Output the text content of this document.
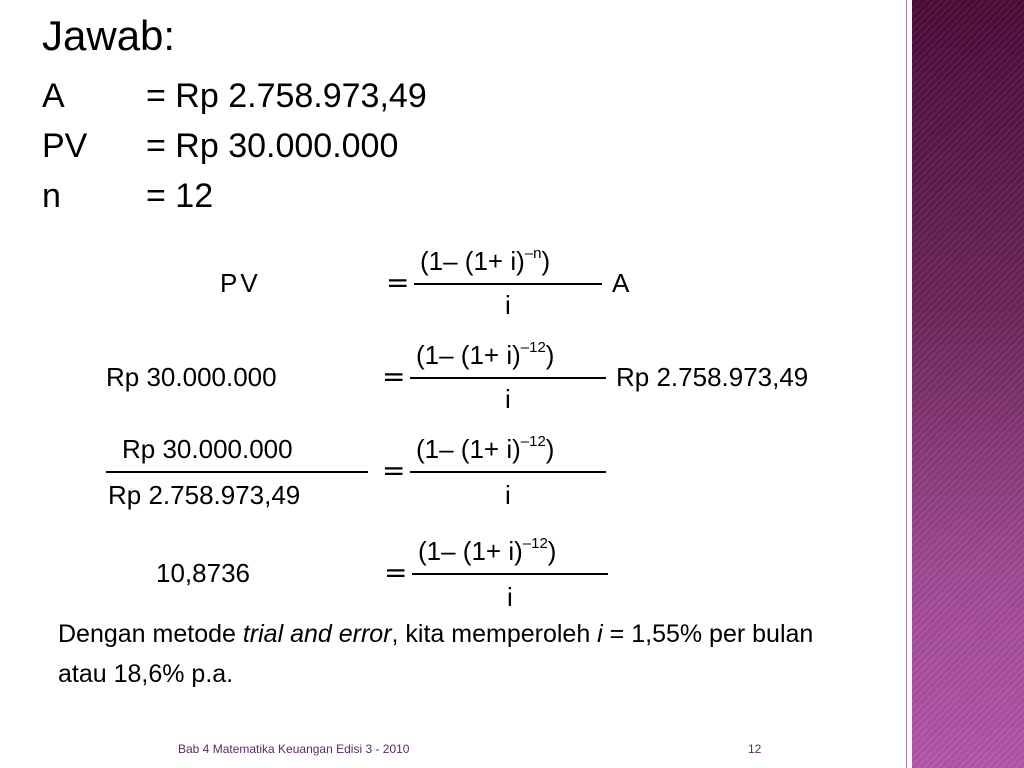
Jawab:
A = Rp 2.758.973,49
PV = Rp 30.000.000
n	= 12
PV	=
(1– $(1+ i)^{-n}$)
i
A
Rp 30.000.000	=
(1– $(1+ i)^{-12}$)
i
Rp 2.758.973,49
Rp 30.000.000
Rp 2.758.973,49
=
(1– $(1+ i)^{-12}$)
i
10,8736	=
(1– $(1+ i)^{-12}$)
i
Dengan metode trial and error, kita memperoleh i = 1,55% per bulan atau 18,6% p.a.
Bab 4 Matematika Keuangan Edisi 3 - 2010	12
